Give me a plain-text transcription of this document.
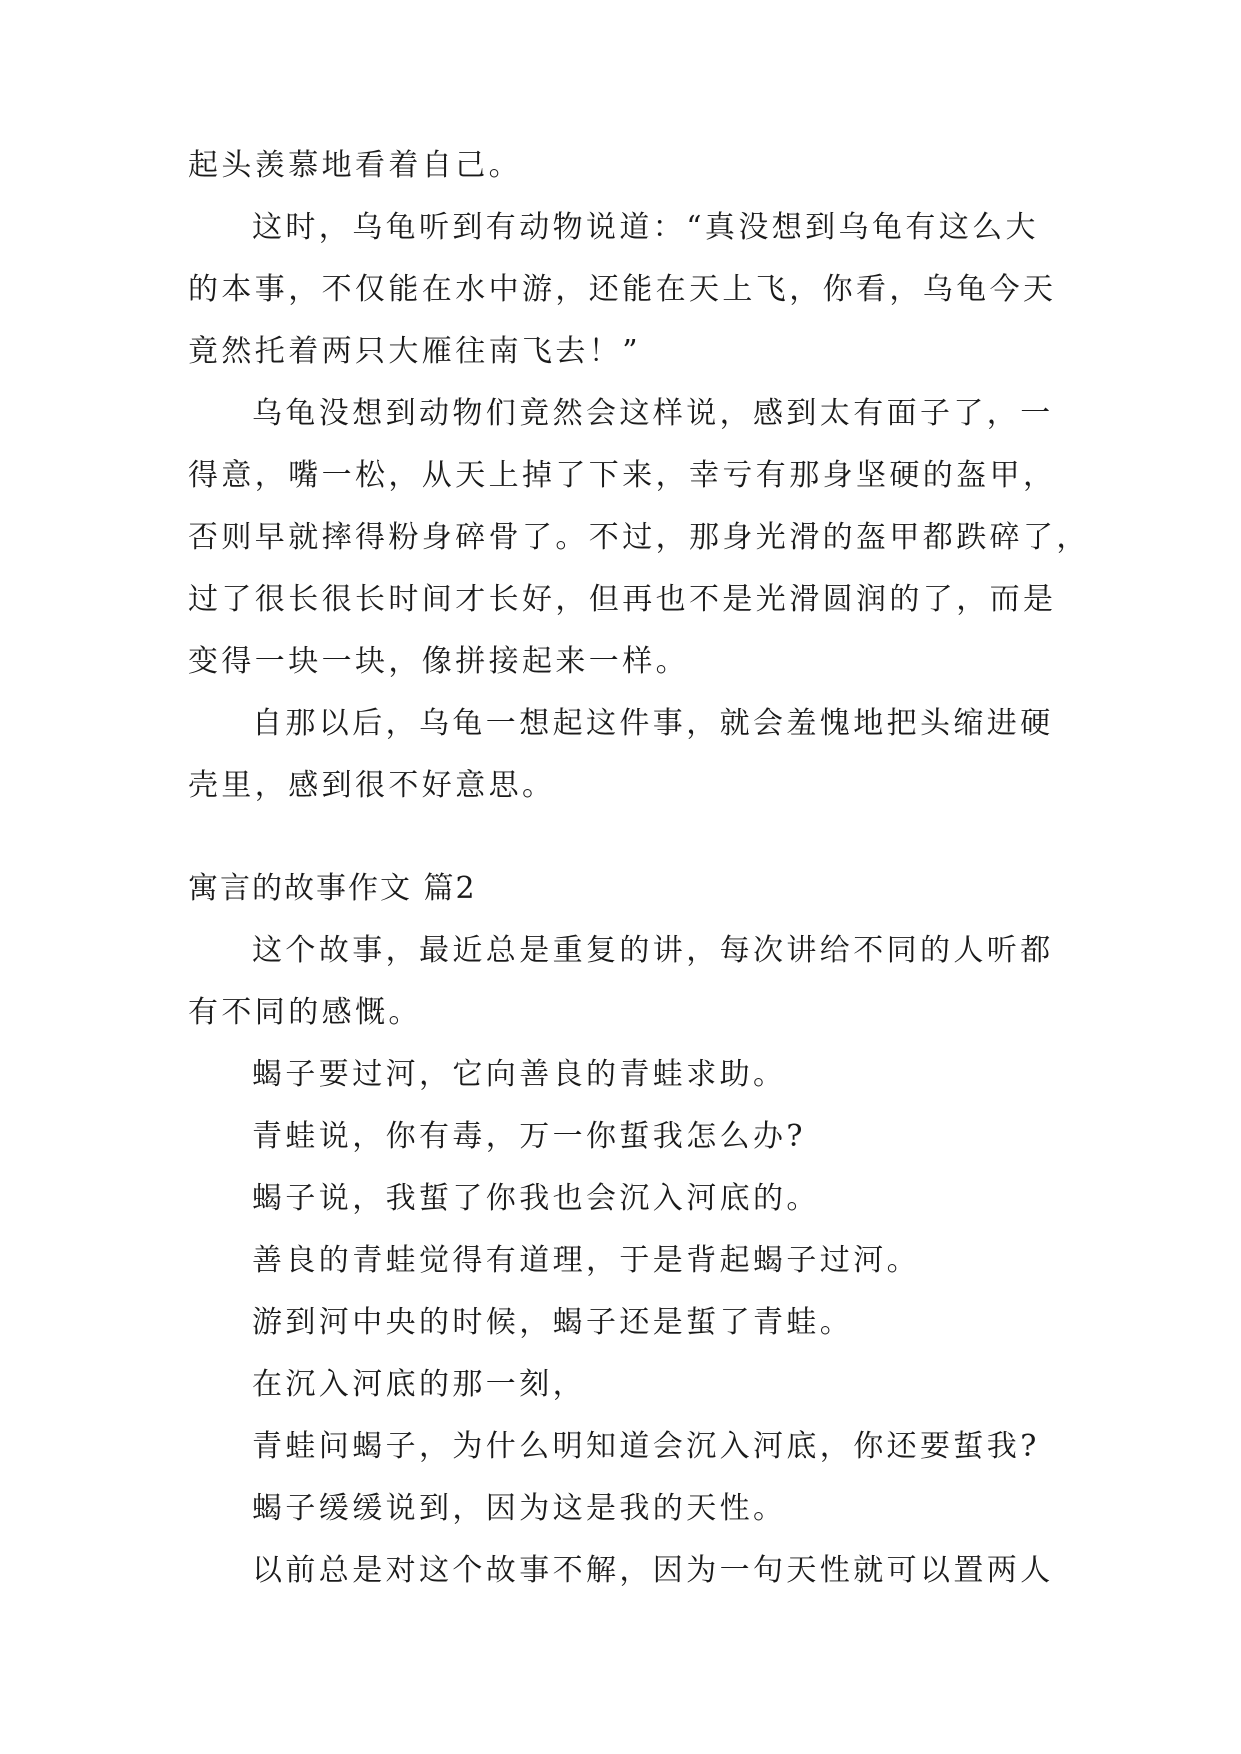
起头羡慕地看着自己。
这时，乌龟听到有动物说道：“真没想到乌龟有这么大
的本事，不仅能在水中游，还能在天上飞，你看，乌龟今天
竟然托着两只大雁往南飞去！”
乌龟没想到动物们竟然会这样说，感到太有面子了，一
得意，嘴一松，从天上掉了下来，幸亏有那身坚硬的盔甲，
否则早就摔得粉身碎骨了。不过，那身光滑的盔甲都跌碎了，
过了很长很长时间才长好，但再也不是光滑圆润的了，而是
变得一块一块，像拼接起来一样。
自那以后，乌龟一想起这件事，就会羞愧地把头缩进硬
壳里，感到很不好意思。
寓言的故事作文 篇2
这个故事，最近总是重复的讲，每次讲给不同的人听都
有不同的感慨。
蝎子要过河，它向善良的青蛙求助。
青蛙说，你有毒，万一你蜇我怎么办?
蝎子说，我蜇了你我也会沉入河底的。
善良的青蛙觉得有道理，于是背起蝎子过河。
游到河中央的时候，蝎子还是蜇了青蛙。
在沉入河底的那一刻，
青蛙问蝎子，为什么明知道会沉入河底，你还要蜇我?
蝎子缓缓说到，因为这是我的天性。
以前总是对这个故事不解，因为一句天性就可以置两人
